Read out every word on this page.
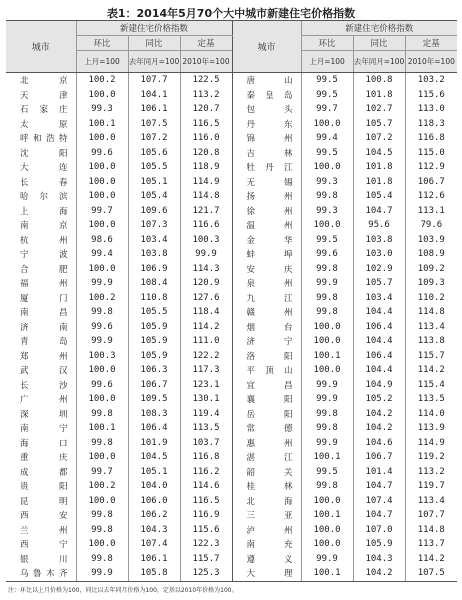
表1：2014年5月70个大中城市新建住宅价格指数
城市	新建住宅价格指数			城市	新建住宅价格指数		
	环比	同比	定基		环比	同比	定基
	上月=100	去年同月=100	2010年=100		上月=100	去年同月=100	2010年=100
北京	100.2	107.7	122.5	唐山	99.5	100.8	103.2
天津	100.0	104.1	113.2	秦皇岛	99.5	101.8	115.6
石家庄	99.3	106.1	120.7	包头	99.7	102.7	113.0
太原	100.1	107.5	116.5	丹东	100.0	105.7	118.3
呼和浩特	100.0	107.2	116.0	锦州	99.4	107.2	116.8
沈阳	99.6	105.6	120.8	吉林	99.5	104.5	115.0
大连	100.0	105.5	118.9	牡丹江	100.0	101.8	112.9
长春	100.0	105.1	114.9	无锡	99.3	101.8	106.7
哈尔滨	100.0	105.4	114.8	扬州	99.8	105.4	112.6
上海	99.7	109.6	121.7	徐州	99.3	104.7	113.1
南京	100.0	107.3	116.6	温州	100.0	95.6	79.6
杭州	98.6	103.4	100.3	金华	99.5	103.8	103.9
宁波	99.4	103.8	99.9	蚌埠	99.6	103.0	108.9
合肥	100.0	106.9	114.3	安庆	99.8	102.9	109.2
福州	99.9	108.4	120.9	泉州	99.9	105.7	109.3
厦门	100.2	110.8	127.6	九江	99.8	103.4	110.2
南昌	99.8	105.5	118.4	赣州	99.8	104.4	114.8
济南	99.6	105.9	114.2	烟台	100.0	106.4	113.4
青岛	99.9	105.9	111.0	济宁	100.0	104.4	113.8
郑州	100.3	105.9	122.2	洛阳	100.1	106.4	115.7
武汉	100.0	106.3	117.3	平顶山	100.0	104.4	114.2
长沙	99.6	106.7	123.1	宜昌	99.9	104.9	115.4
广州	100.0	109.5	130.1	襄阳	99.9	105.2	113.5
深圳	99.8	108.3	119.4	岳阳	99.8	104.2	114.0
南宁	100.1	106.4	113.5	常德	99.8	104.2	113.9
海口	99.8	101.9	103.7	惠州	99.9	104.6	114.9
重庆	100.0	104.5	116.8	湛江	100.1	106.7	119.2
成都	99.7	105.1	116.2	韶关	99.5	101.4	113.2
贵阳	100.2	104.0	114.6	桂林	99.8	104.7	119.7
昆明	100.0	106.0	116.5	北海	100.0	107.4	113.4
西安	99.8	106.2	116.9	三亚	100.1	104.7	107.7
兰州	99.8	104.3	115.6	泸州	100.0	107.0	114.8
西宁	100.0	107.4	122.3	南充	100.0	105.9	113.7
银川	99.8	106.1	115.7	遵义	99.9	104.3	114.2
乌鲁木齐	99.9	105.8	125.3	大理	100.1	104.2	107.5
注：环比以上月价格为100，同比以去年同月价格为100，定基以2010年价格为100。
